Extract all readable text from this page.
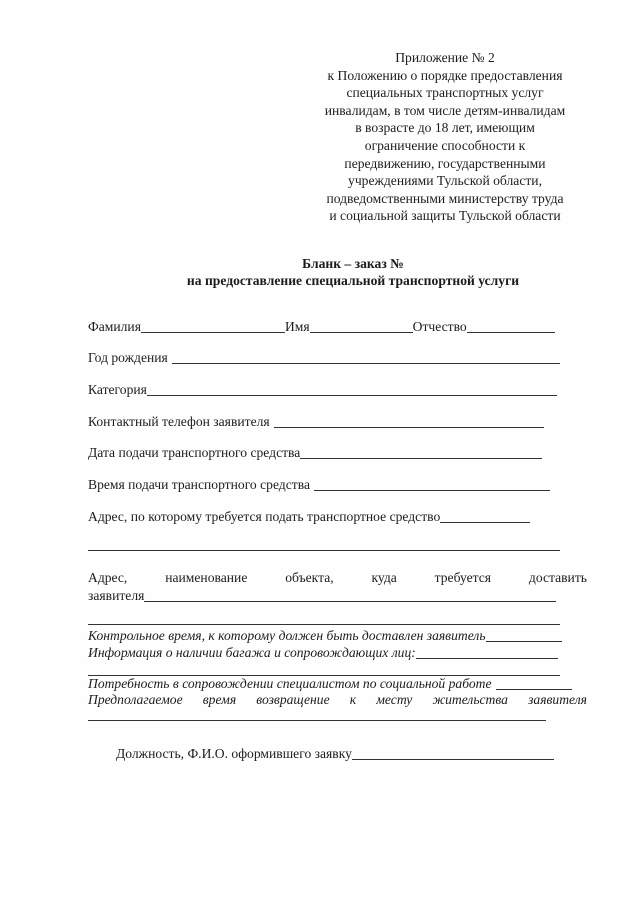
Приложение № 2
к Положению о порядке предоставления
специальных транспортных услуг
инвалидам, в том числе детям-инвалидам
в возрасте до 18 лет, имеющим
ограничение способности к
передвижению, государственными
учреждениями Тульской области,
подведомственными министерству труда
и социальной защиты Тульской области
Бланк – заказ №
на предоставление специальной транспортной услуги
Фамилия	Имя	Отчество
Год рождения
Категория
Контактный телефон заявителя
Дата подачи транспортного средства
Время подачи транспортного средства
Адрес, по которому требуется подать транспортное средство
Адрес,	наименование	объекта,	куда	требуется	доставить
заявителя
Контрольное время, к которому должен быть доставлен заявитель
Информация о наличии багажа и сопровождающих лиц:
Потребность в сопровождении специалистом по социальной работе
Предполагаемое время возвращение к месту жительства заявителя
Должность, Ф.И.О. оформившего заявку
